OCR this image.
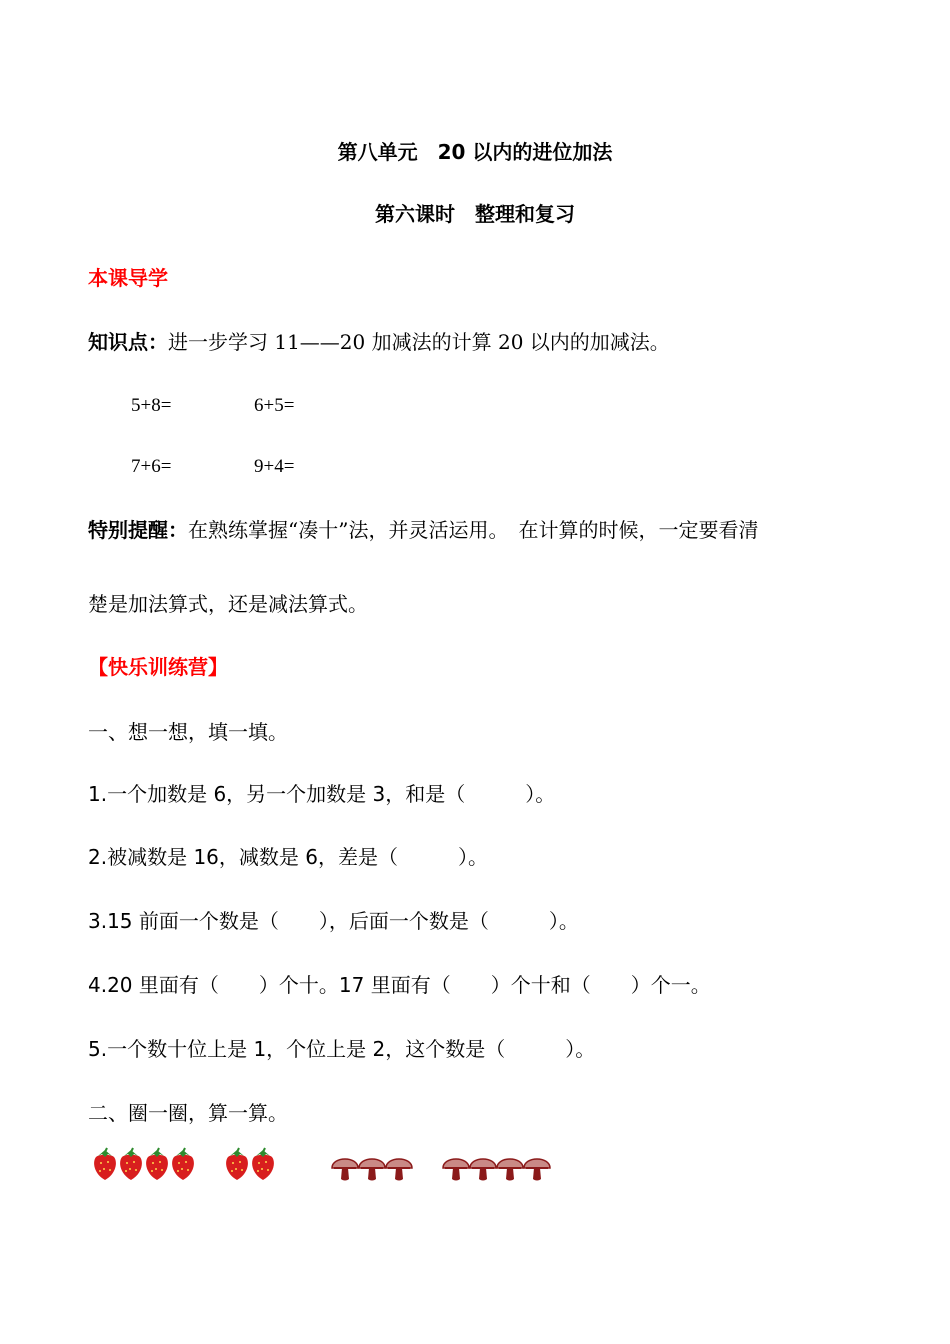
第八单元　20 以内的进位加法
第六课时　整理和复习
本课导学
知识点：进一步学习 11——20 加减法的计算 20 以内的加减法。
5+8=	6+5=
7+6=	9+4=
特别提醒：在熟练掌握“凑十”法，并灵活运用。　在计算的时候，一定要看清
楚是加法算式，还是减法算式。
【快乐训练营】
一、想一想，填一填。
1.一个加数是 6，另一个加数是 3，和是（　　　）。
2.被减数是 16，减数是 6，差是（　　　）。
3.15 前面一个数是（　　），后面一个数是（　　　）。
4.20 里面有（　　）个十。17 里面有（　　）个十和（　　）个一。
5.一个数十位上是 1，个位上是 2，这个数是（　　　）。
二、圈一圈，算一算。
